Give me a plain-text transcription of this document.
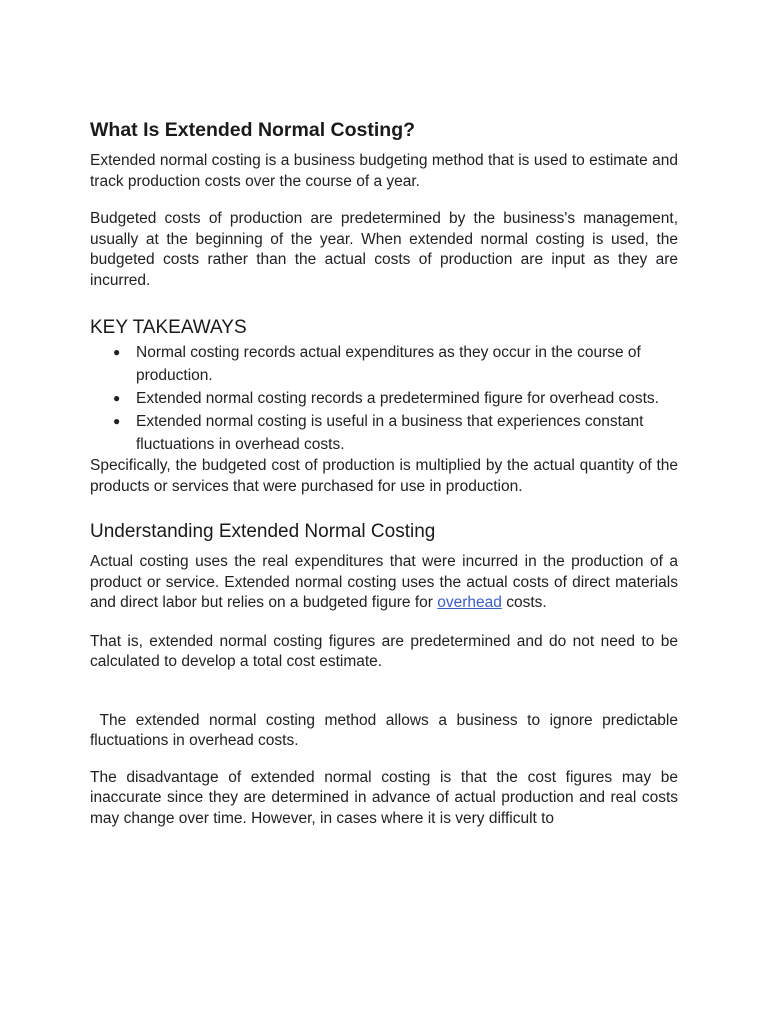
What Is Extended Normal Costing?

Extended normal costing is a business budgeting method that is used to estimate and track production costs over the course of a year.

Budgeted costs of production are predetermined by the business's management, usually at the beginning of the year. When extended normal costing is used, the budgeted costs rather than the actual costs of production are input as they are incurred.

KEY TAKEAWAYS
● Normal costing records actual expenditures as they occur in the course of production.
● Extended normal costing records a predetermined figure for overhead costs.
● Extended normal costing is useful in a business that experiences constant fluctuations in overhead costs.

Specifically, the budgeted cost of production is multiplied by the actual quantity of the products or services that were purchased for use in production.

Understanding Extended Normal Costing

Actual costing uses the real expenditures that were incurred in the production of a product or service. Extended normal costing uses the actual costs of direct materials and direct labor but relies on a budgeted figure for overhead costs.

That is, extended normal costing figures are predetermined and do not need to be calculated to develop a total cost estimate.

The extended normal costing method allows a business to ignore predictable fluctuations in overhead costs.

The disadvantage of extended normal costing is that the cost figures may be inaccurate since they are determined in advance of actual production and real costs may change over time. However, in cases where it is very difficult to
